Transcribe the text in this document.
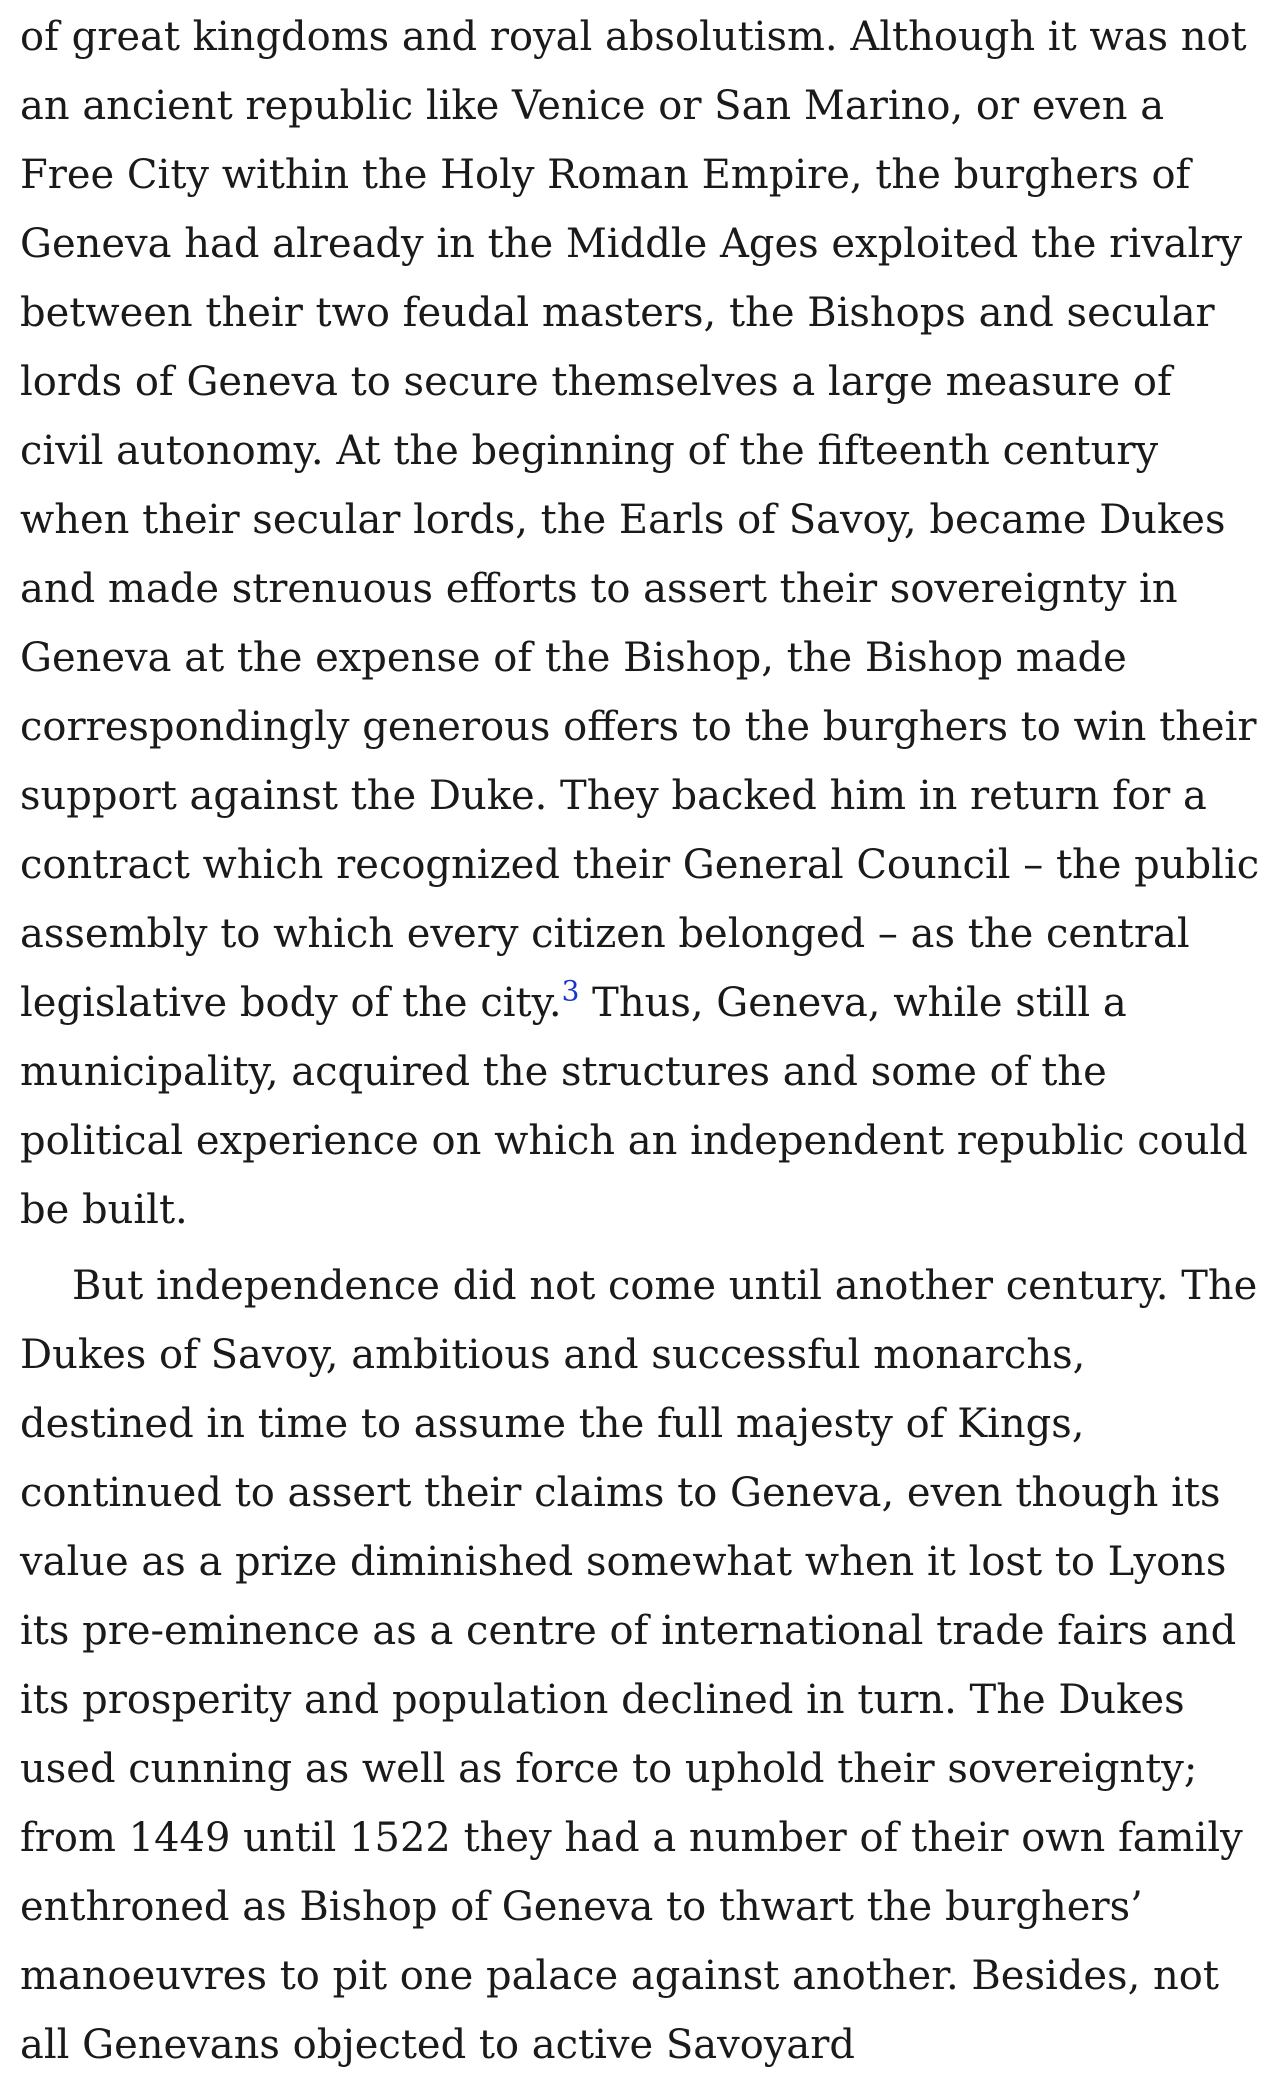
of great kingdoms and royal absolutism. Although it was not an ancient republic like Venice or San Marino, or even a Free City within the Holy Roman Empire, the burghers of Geneva had already in the Middle Ages exploited the rivalry between their two feudal masters, the Bishops and secular lords of Geneva to secure themselves a large measure of civil autonomy. At the beginning of the fifteenth century when their secular lords, the Earls of Savoy, became Dukes and made strenuous efforts to assert their sovereignty in Geneva at the expense of the Bishop, the Bishop made correspondingly generous offers to the burghers to win their support against the Duke. They backed him in return for a contract which recognized their General Council – the public assembly to which every citizen belonged – as the central legislative body of the city.$^3$ Thus, Geneva, while still a municipality, acquired the structures and some of the political experience on which an independent republic could be built.

But independence did not come until another century. The Dukes of Savoy, ambitious and successful monarchs, destined in time to assume the full majesty of Kings, continued to assert their claims to Geneva, even though its value as a prize diminished somewhat when it lost to Lyons its pre-eminence as a centre of international trade fairs and its prosperity and population declined in turn. The Dukes used cunning as well as force to uphold their sovereignty; from 1449 until 1522 they had a number of their own family enthroned as Bishop of Geneva to thwart the burghers’ manoeuvres to pit one palace against another. Besides, not all Genevans objected to active Savoyard
